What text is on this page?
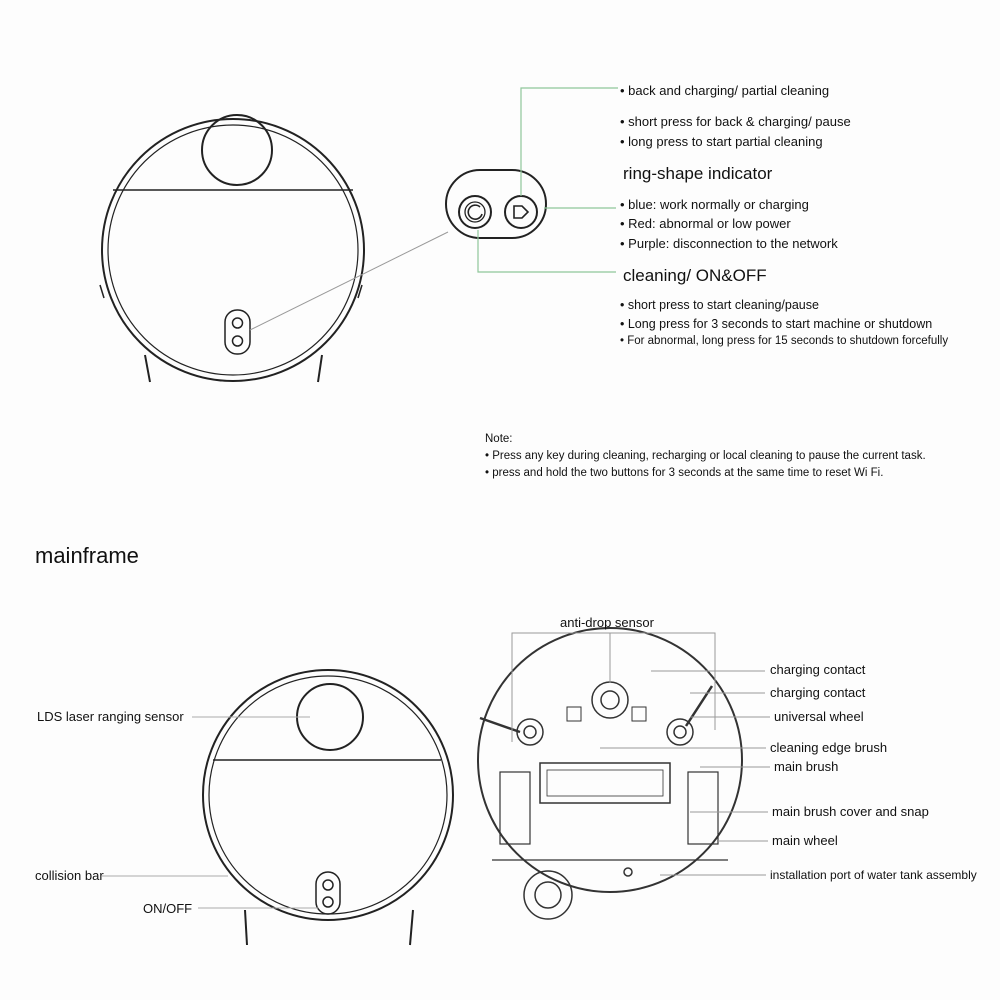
• back and charging/ partial cleaning
• short press for back & charging/ pause
• long press to start partial cleaning
ring-shape indicator
• blue: work normally or charging
• Red: abnormal or low power
• Purple: disconnection to the network
cleaning/ ON&OFF
• short press to start cleaning/pause
• Long press for 3 seconds to start machine or shutdown
• For abnormal, long press for 15 seconds to shutdown forcefully
Note:
• Press any key during cleaning, recharging or local cleaning to pause the current task.
• press and hold the two buttons for 3 seconds at the same time to reset Wi Fi.
mainframe
LDS laser ranging sensor
collision bar
ON/OFF
anti-drop sensor
charging contact
charging contact
universal wheel
cleaning edge brush
main brush
main brush cover and snap
main wheel
installation port of water tank assembly
